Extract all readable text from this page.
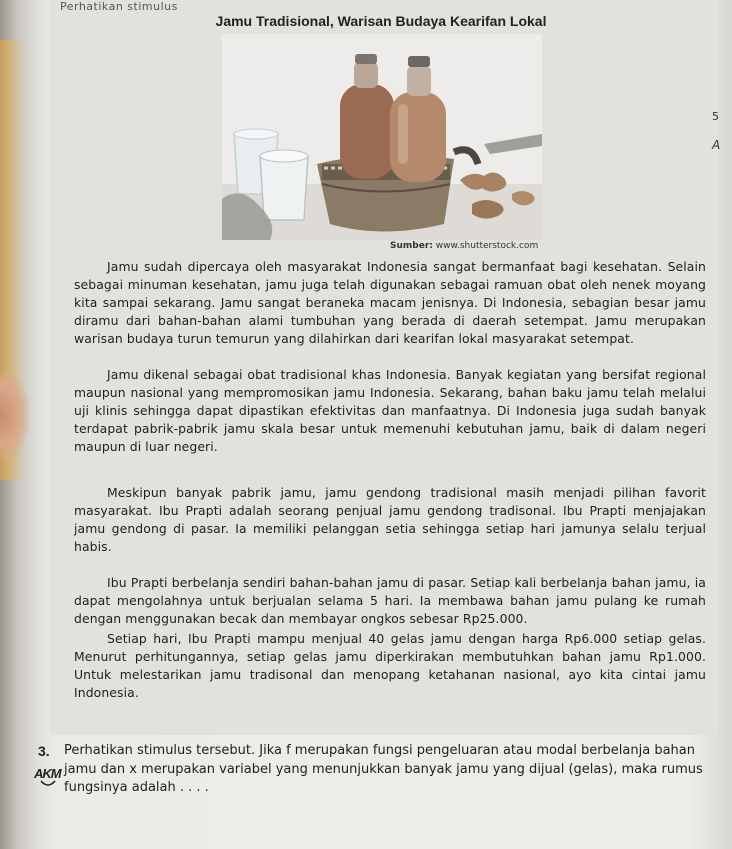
Perhatikan stimulus
Jamu Tradisional, Warisan Budaya Kearifan Lokal
Sumber: www.shutterstock.com

Jamu sudah dipercaya oleh masyarakat Indonesia sangat bermanfaat bagi kesehatan. Selain sebagai minuman kesehatan, jamu juga telah digunakan sebagai ramuan obat oleh nenek moyang kita sampai sekarang. Jamu sangat beraneka macam jenisnya. Di Indonesia, sebagian besar jamu diramu dari bahan-bahan alami tumbuhan yang berada di daerah setempat. Jamu merupakan warisan budaya turun temurun yang dilahirkan dari kearifan lokal masyarakat setempat.

Jamu dikenal sebagai obat tradisional khas Indonesia. Banyak kegiatan yang bersifat regional maupun nasional yang mempromosikan jamu Indonesia. Sekarang, bahan baku jamu telah melalui uji klinis sehingga dapat dipastikan efektivitas dan manfaatnya. Di Indonesia juga sudah banyak terdapat pabrik-pabrik jamu skala besar untuk memenuhi kebutuhan jamu, baik di dalam negeri maupun di luar negeri.

Meskipun banyak pabrik jamu, jamu gendong tradisional masih menjadi pilihan favorit masyarakat. Ibu Prapti adalah seorang penjual jamu gendong tradisonal. Ibu Prapti menjajakan jamu gendong di pasar. Ia memiliki pelanggan setia sehingga setiap hari jamunya selalu terjual habis.

Ibu Prapti berbelanja sendiri bahan-bahan jamu di pasar. Setiap kali berbelanja bahan jamu, ia dapat mengolahnya untuk berjualan selama 5 hari. Ia membawa bahan jamu pulang ke rumah dengan menggunakan becak dan membayar ongkos sebesar Rp25.000.

Setiap hari, Ibu Prapti mampu menjual 40 gelas jamu dengan harga Rp6.000 setiap gelas. Menurut perhitungannya, setiap gelas jamu diperkirakan membutuhkan bahan jamu Rp1.000. Untuk melestarikan jamu tradisonal dan menopang ketahanan nasional, ayo kita cintai jamu Indonesia.

3.
AKM

Perhatikan stimulus tersebut. Jika f merupakan fungsi pengeluaran atau modal berbelanja bahan jamu dan x merupakan variabel yang menunjukkan banyak jamu yang dijual (gelas), maka rumus fungsinya adalah . . . .

5
A
